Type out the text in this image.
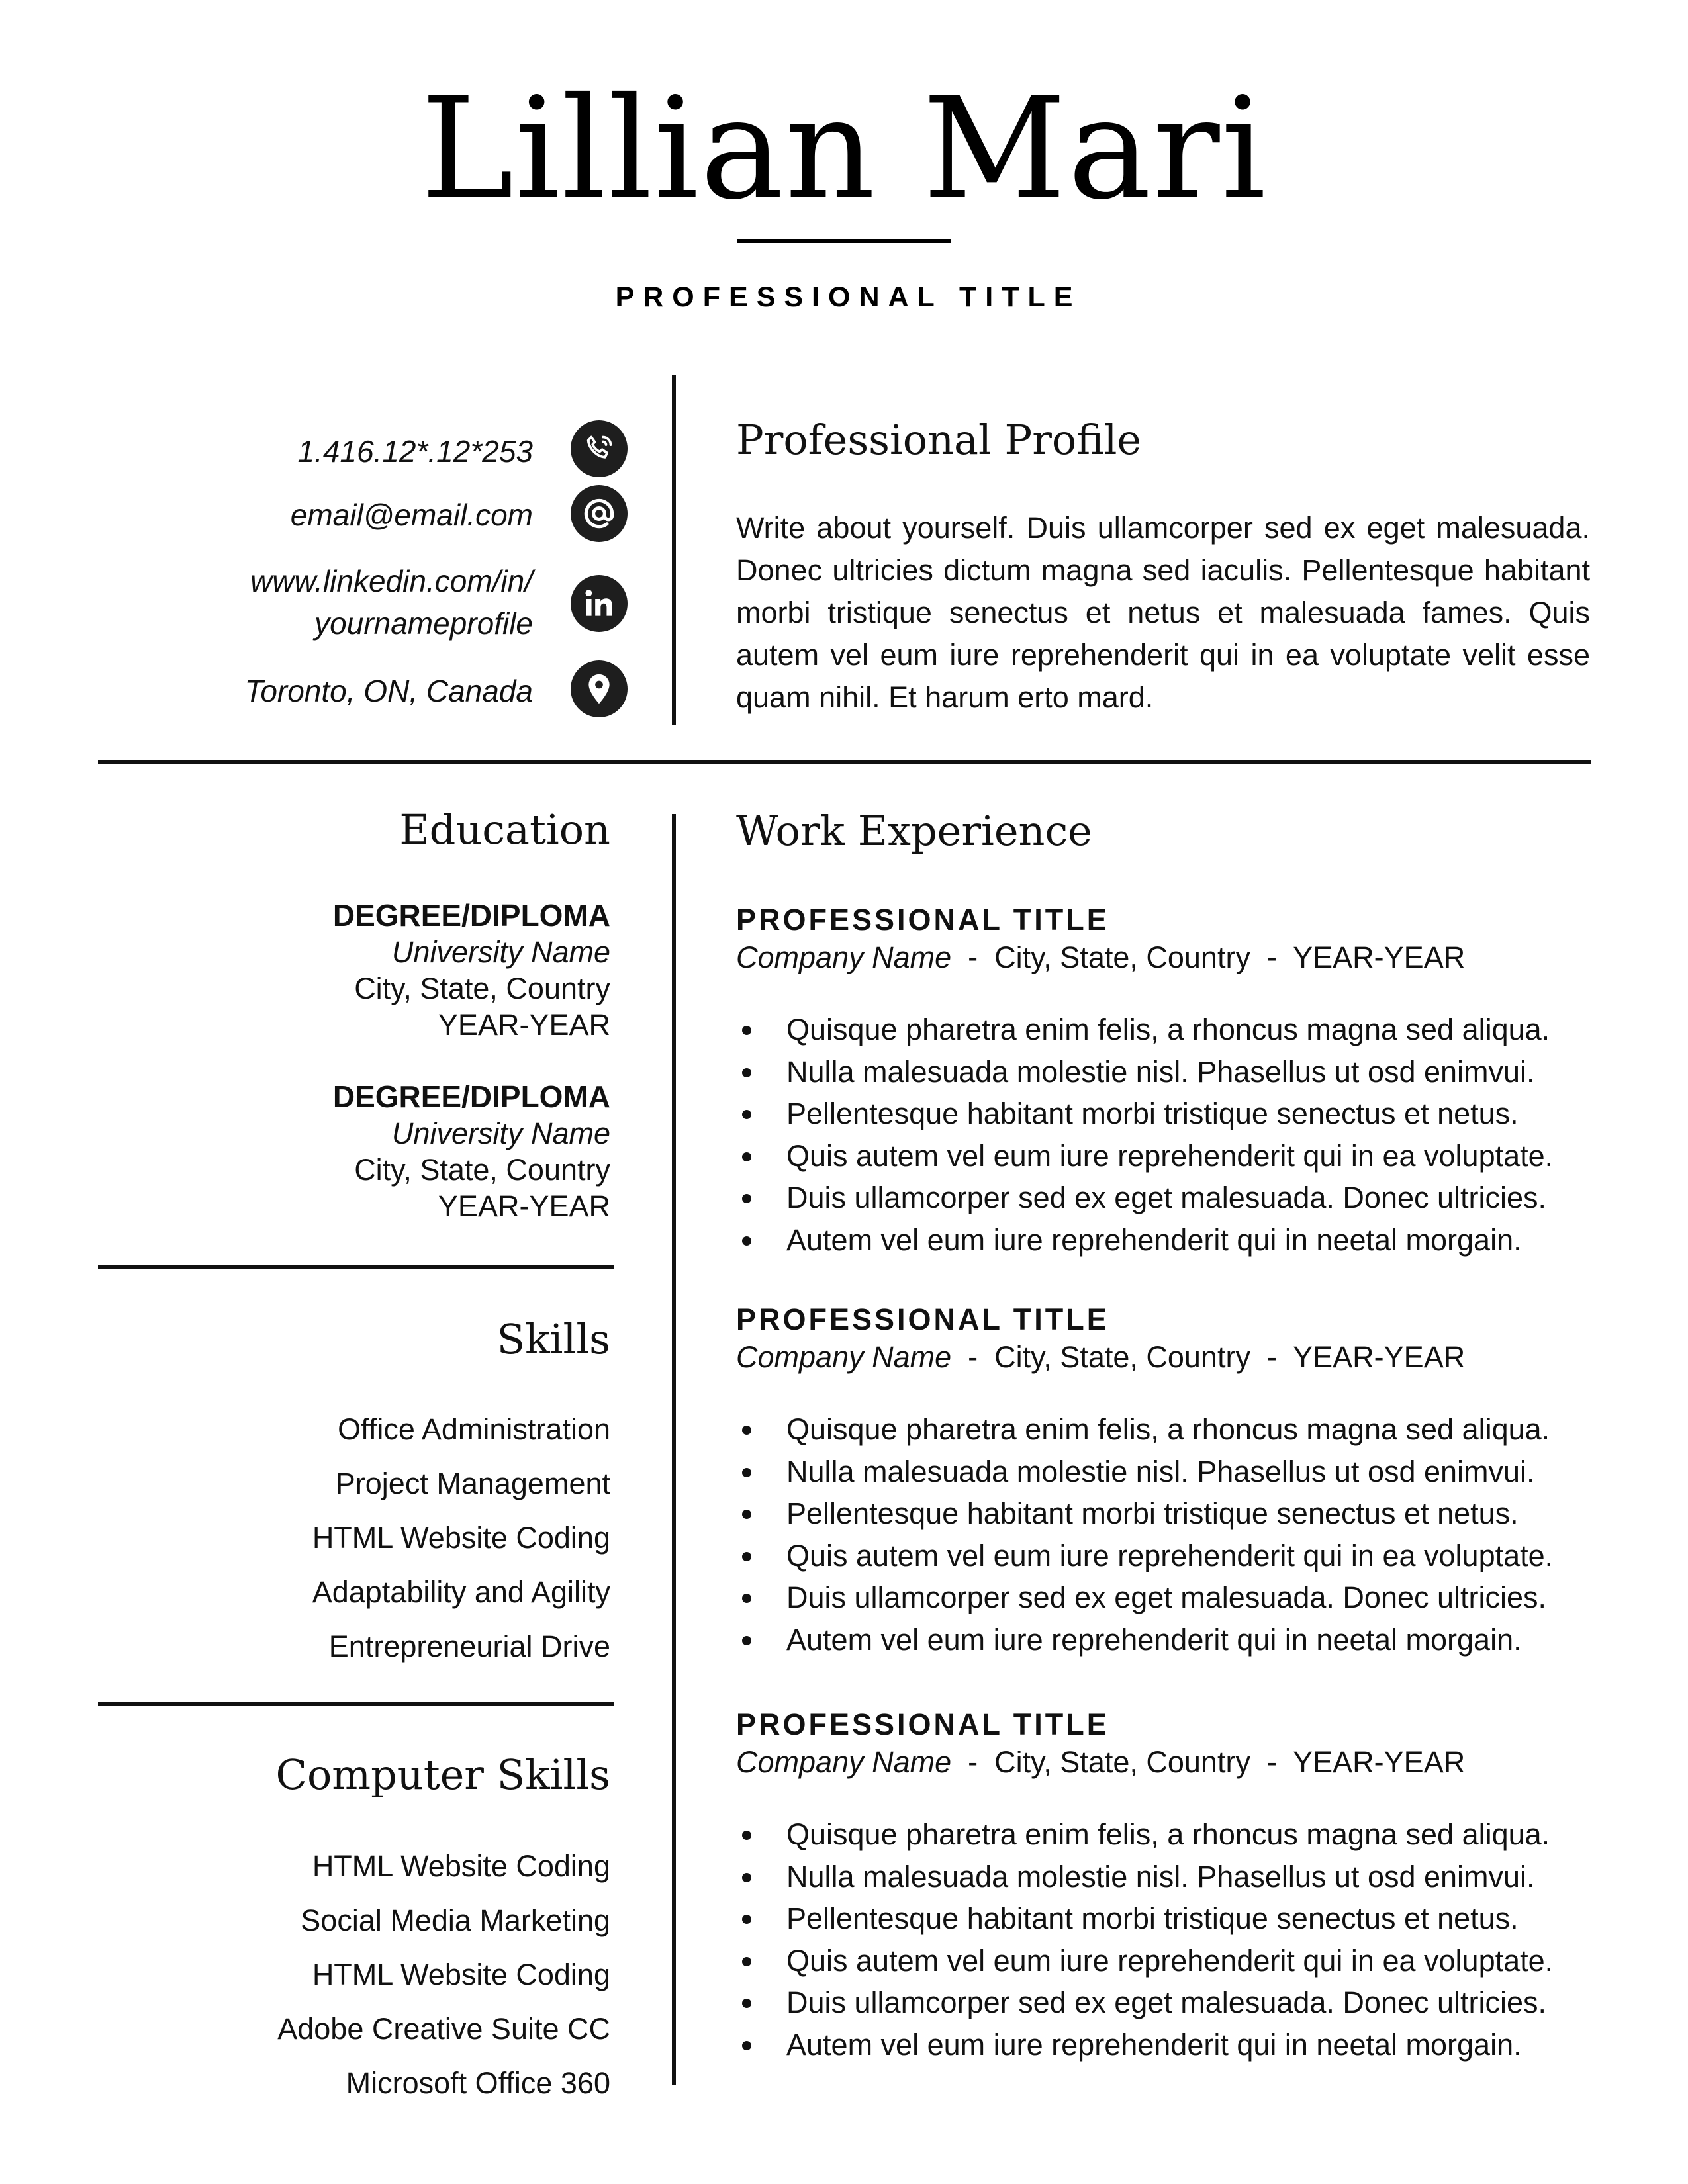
Lillian Mari
PROFESSIONAL TITLE
1.416.12*.12*253
email@email.com
www.linkedin.com/in/
yournameprofile
Toronto, ON, Canada
Professional Profile
Write about yourself. Duis ullamcorper sed ex eget malesuada. Donec ultricies dictum magna sed iaculis. Pellentesque habitant morbi tristique senectus et netus et malesuada fames. Quis autem vel eum iure reprehenderit qui in ea voluptate velit esse quam nihil. Et harum erto mard.
Education
DEGREE/DIPLOMA
University Name
City, State, Country
YEAR-YEAR
DEGREE/DIPLOMA
University Name
City, State, Country
YEAR-YEAR
Skills
Office Administration
Project Management
HTML Website Coding
Adaptability and Agility
Entrepreneurial Drive
Computer Skills
HTML Website Coding
Social Media Marketing
HTML Website Coding
Adobe Creative Suite CC
Microsoft Office 360
Work Experience
PROFESSIONAL TITLE
Company Name  -  City, State, Country  -  YEAR-YEAR
Quisque pharetra enim felis, a rhoncus magna sed aliqua.
Nulla malesuada molestie nisl. Phasellus ut osd enimvui.
Pellentesque habitant morbi tristique senectus et netus.
Quis autem vel eum iure reprehenderit qui in ea voluptate.
Duis ullamcorper sed ex eget malesuada. Donec ultricies.
Autem vel eum iure reprehenderit qui in neetal morgain.
PROFESSIONAL TITLE
Company Name  -  City, State, Country  -  YEAR-YEAR
Quisque pharetra enim felis, a rhoncus magna sed aliqua.
Nulla malesuada molestie nisl. Phasellus ut osd enimvui.
Pellentesque habitant morbi tristique senectus et netus.
Quis autem vel eum iure reprehenderit qui in ea voluptate.
Duis ullamcorper sed ex eget malesuada. Donec ultricies.
Autem vel eum iure reprehenderit qui in neetal morgain.
PROFESSIONAL TITLE
Company Name  -  City, State, Country  -  YEAR-YEAR
Quisque pharetra enim felis, a rhoncus magna sed aliqua.
Nulla malesuada molestie nisl. Phasellus ut osd enimvui.
Pellentesque habitant morbi tristique senectus et netus.
Quis autem vel eum iure reprehenderit qui in ea voluptate.
Duis ullamcorper sed ex eget malesuada. Donec ultricies.
Autem vel eum iure reprehenderit qui in neetal morgain.
